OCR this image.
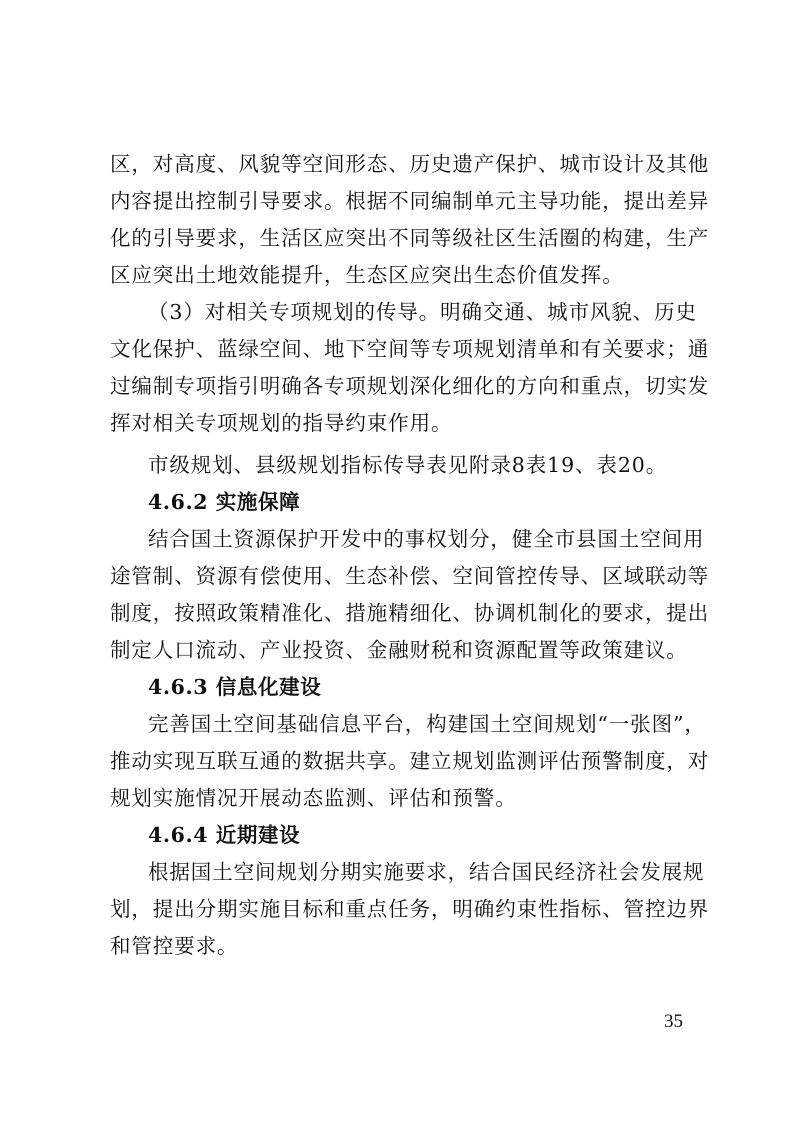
区，对高度、风貌等空间形态、历史遗产保护、城市设计及其他
内容提出控制引导要求。根据不同编制单元主导功能，提出差异
化的引导要求，生活区应突出不同等级社区生活圈的构建，生产
区应突出土地效能提升，生态区应突出生态价值发挥。
（3）对相关专项规划的传导。明确交通、城市风貌、历史
文化保护、蓝绿空间、地下空间等专项规划清单和有关要求；通
过编制专项指引明确各专项规划深化细化的方向和重点，切实发
挥对相关专项规划的指导约束作用。
市级规划、县级规划指标传导表见附录8表19、表20。
4.6.2 实施保障
结合国土资源保护开发中的事权划分，健全市县国土空间用
途管制、资源有偿使用、生态补偿、空间管控传导、区域联动等
制度，按照政策精准化、措施精细化、协调机制化的要求，提出
制定人口流动、产业投资、金融财税和资源配置等政策建议。
4.6.3 信息化建设
完善国土空间基础信息平台，构建国土空间规划“一张图”，
推动实现互联互通的数据共享。建立规划监测评估预警制度，对
规划实施情况开展动态监测、评估和预警。
4.6.4 近期建设
根据国土空间规划分期实施要求，结合国民经济社会发展规
划，提出分期实施目标和重点任务，明确约束性指标、管控边界
和管控要求。
35
